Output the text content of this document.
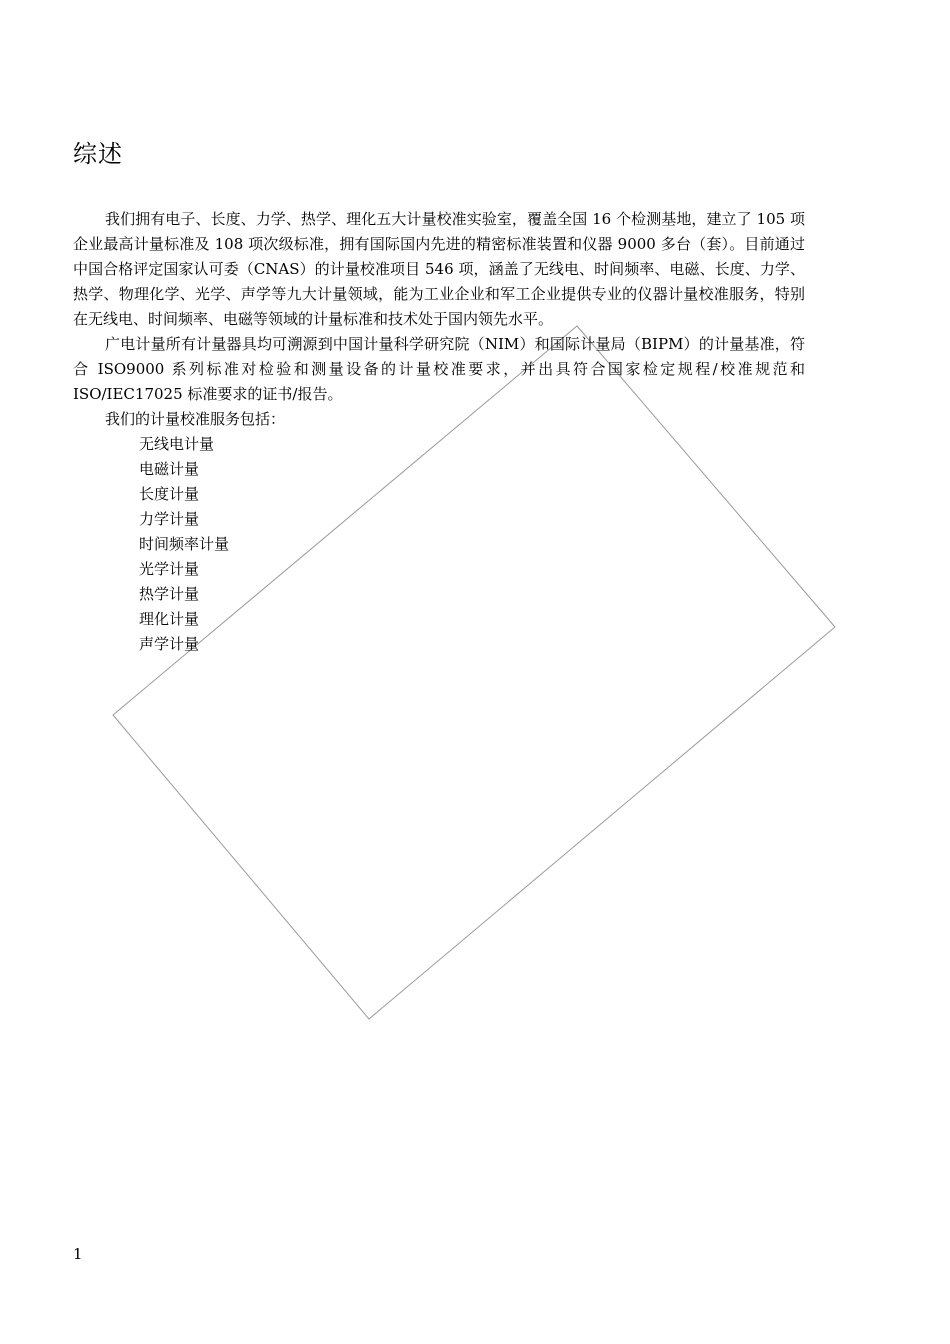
综述

我们拥有电子、长度、力学、热学、理化五大计量校准实验室，覆盖全国 16 个检测基地，建立了 105 项企业最高计量标准及 108 项次级标准，拥有国际国内先进的精密标准装置和仪器 9000 多台（套）。目前通过中国合格评定国家认可委（CNAS）的计量校准项目 546 项，涵盖了无线电、时间频率、电磁、长度、力学、热学、物理化学、光学、声学等九大计量领域，能为工业企业和军工企业提供专业的仪器计量校准服务，特别在无线电、时间频率、电磁等领域的计量标准和技术处于国内领先水平。

广电计量所有计量器具均可溯源到中国计量科学研究院（NIM）和国际计量局（BIPM）的计量基准，符合 ISO9000 系列标准对检验和测量设备的计量校准要求，并出具符合国家检定规程/校准规范和 ISO/IEC17025 标准要求的证书/报告。

我们的计量校准服务包括：

无线电计量
电磁计量
长度计量
力学计量
时间频率计量
光学计量
热学计量
理化计量
声学计量
1
